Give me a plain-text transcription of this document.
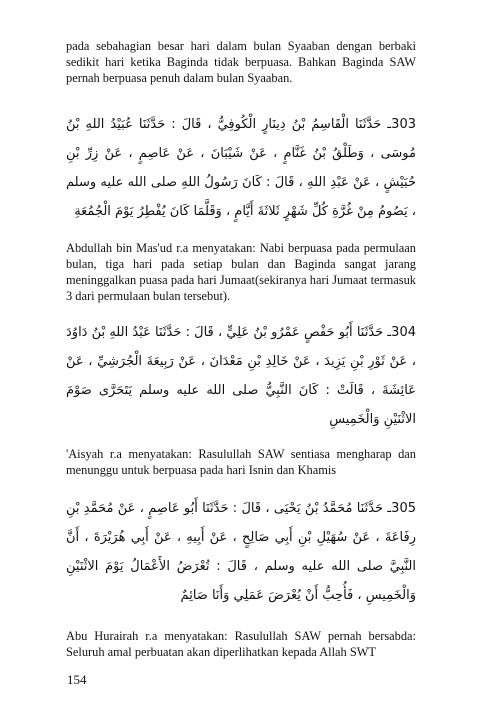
pada sebahagian besar hari dalam bulan Syaaban dengan berbaki sedikit hari ketika Baginda tidak berpuasa. Bahkan Baginda SAW pernah berpuasa penuh dalam bulan Syaaban.

303ـ حَدَّثَنَا الْقَاسِمُ بْنُ دِينَارٍ الْكُوفِيُّ ، قَالَ : حَدَّثَنَا عُبَيْدُ اللهِ بْنُ مُوسَى ، وَطَلْقُ بْنُ غَنَّامٍ ، عَنْ شَيْبَانَ ، عَنْ عَاصِمٍ ، عَنْ زِرِّ بْنِ حُبَيْشٍ ، عَنْ عَبْدِ اللهِ ، قَالَ : كَانَ رَسُولُ اللهِ صلى الله عليه وسلم ، يَصُومُ مِنْ غُرَّةِ كُلِّ شَهْرٍ ثَلاثَةَ أَيَّامٍ ، وَقَلَّمَا كَانَ يُفْطِرُ يَوْمَ الْجُمُعَةِ

Abdullah bin Mas'ud r.a menyatakan: Nabi berpuasa pada permulaan bulan, tiga hari pada setiap bulan dan Baginda sangat jarang meninggalkan puasa pada hari Jumaat(sekiranya hari Jumaat termasuk 3 dari permulaan bulan tersebut).

304ـ حَدَّثَنَا أَبُو حَفْصٍ عَمْرُو بْنُ عَلِيٍّ ، قَالَ : حَدَّثَنَا عَبْدُ اللهِ بْنُ دَاوُدَ ، عَنْ ثَوْرِ بْنِ يَزِيدَ ، عَنْ خَالِدِ بْنِ مَعْدَانَ ، عَنْ رَبِيعَةَ الْجُرَشِيِّ ، عَنْ عَائِشَةَ ، قَالَتْ : كَانَ النَّبِيُّ صلى الله عليه وسلم يَتَحَرَّى صَوْمَ الاثْنَيْنِ وَالْخَمِيسِ

'Aisyah r.a menyatakan: Rasulullah SAW sentiasa mengharap dan menunggu untuk berpuasa pada hari Isnin dan Khamis

305ـ حَدَّثَنَا مُحَمَّدُ بْنُ يَحْيَى ، قَالَ : حَدَّثَنَا أَبُو عَاصِمٍ ، عَنْ مُحَمَّدِ بْنِ رِفَاعَةَ ، عَنْ سُهَيْلِ بْنِ أَبِي صَالِحٍ ، عَنْ أَبِيهِ ، عَنْ أَبِي هُرَيْرَةَ ، أَنَّ النَّبِيَّ صلى الله عليه وسلم ، قَالَ : تُعْرَضُ الأَعْمَالُ يَوْمَ الاثْنَيْنِ وَالْخَمِيسِ ، فَأُحِبُّ أَنْ يُعْرَضَ عَمَلِي وَأَنَا صَائِمٌ

Abu Hurairah r.a menyatakan: Rasulullah SAW pernah bersabda: Seluruh amal perbuatan akan diperlihatkan kepada Allah SWT

154
